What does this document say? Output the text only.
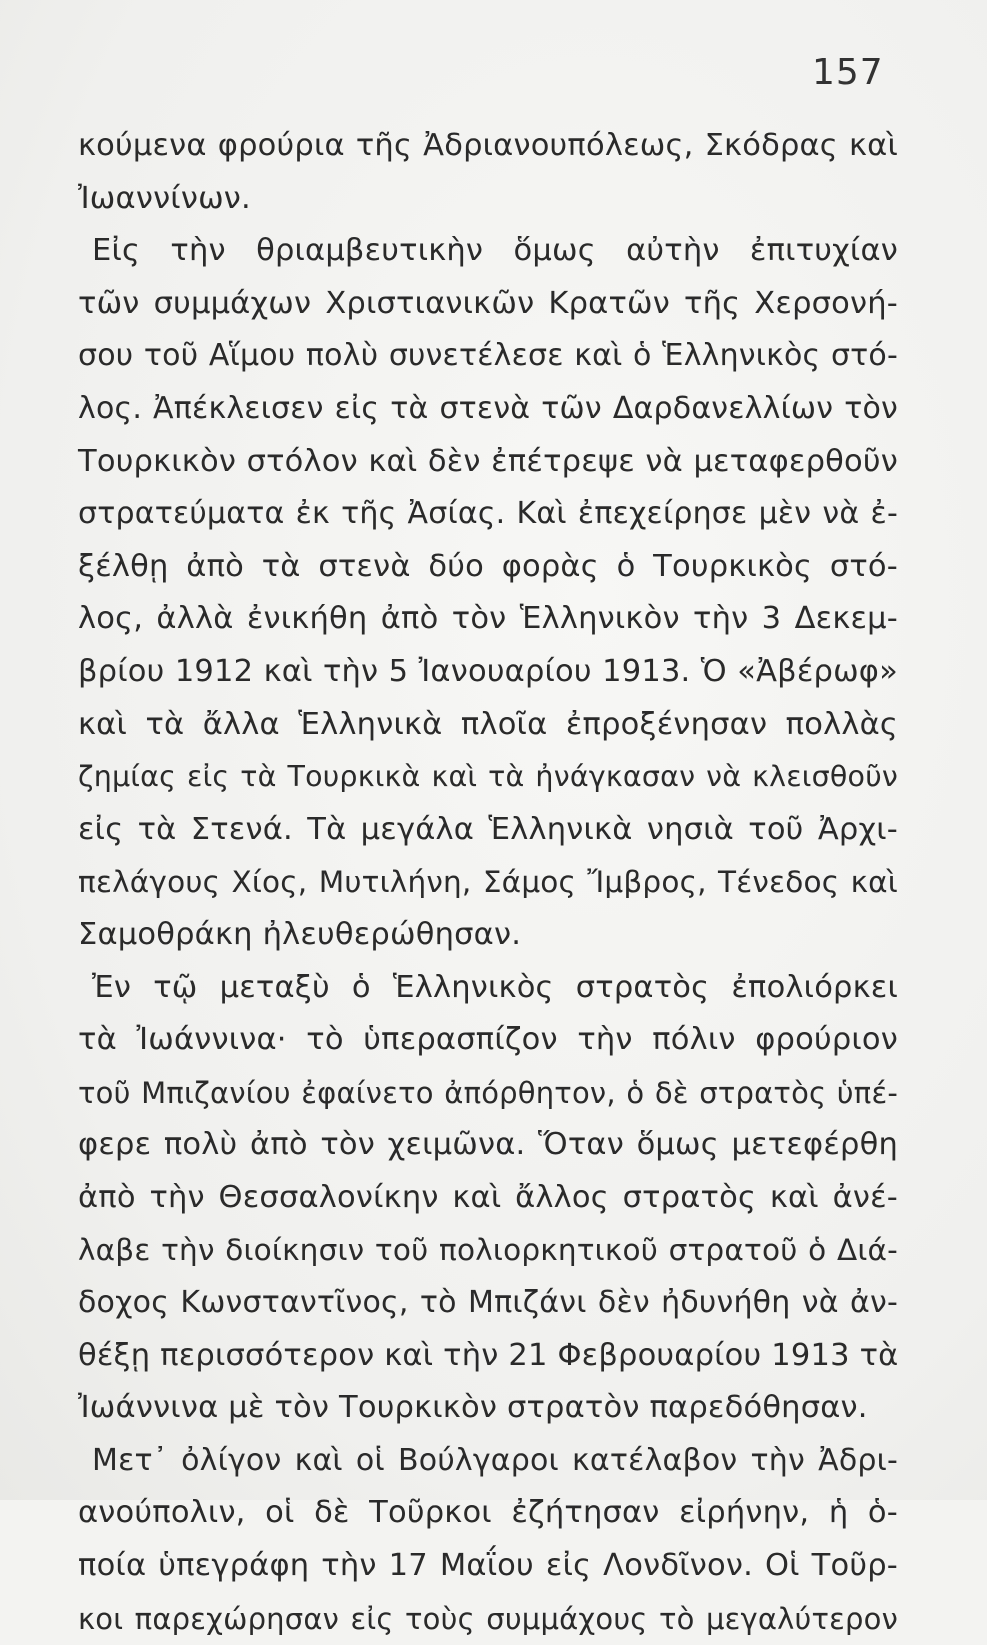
157
κούμενα φρούρια τῆς Ἀδριανουπόλεως, Σκόδρας καὶ
Ἰωαννίνων.
Εἰς τὴν θριαμβευτικὴν ὅμως αὐτὴν ἐπιτυχίαν
τῶν συμμάχων Χριστιανικῶν Κρατῶν τῆς Χερσονή-
σου τοῦ Αἵμου πολὺ συνετέλεσε καὶ ὁ Ἑλληνικὸς στό-
λος. Ἀπέκλεισεν εἰς τὰ στενὰ τῶν Δαρδανελλίων τὸν
Τουρκικὸν στόλον καὶ δὲν ἐπέτρεψε νὰ μεταφερθοῦν
στρατεύματα ἐκ τῆς Ἀσίας. Καὶ ἐπεχείρησε μὲν νὰ ἐ-
ξέλθῃ ἀπὸ τὰ στενὰ δύο φορὰς ὁ Τουρκικὸς στό-
λος, ἀλλὰ ἐνικήθη ἀπὸ τὸν Ἑλληνικὸν τὴν 3 Δεκεμ-
βρίου 1912 καὶ τὴν 5 Ἰανουαρίου 1913. Ὁ «Ἀβέρωφ»
καὶ τὰ ἄλλα Ἑλληνικὰ πλοῖα ἐπροξένησαν πολλὰς
ζημίας εἰς τὰ Τουρκικὰ καὶ τὰ ἠνάγκασαν νὰ κλεισθοῦν
εἰς τὰ Στενά. Τὰ μεγάλα Ἑλληνικὰ νησιὰ τοῦ Ἀρχι-
πελάγους Χίος, Μυτιλήνη, Σάμος Ἴμβρος, Τένεδος καὶ
Σαμοθράκη ἠλευθερώθησαν.
Ἐν τῷ μεταξὺ ὁ Ἑλληνικὸς στρατὸς ἐπολιόρκει
τὰ Ἰωάννινα· τὸ ὑπερασπίζον τὴν πόλιν φρούριον
τοῦ Μπιζανίου ἐφαίνετο ἀπόρθητον, ὁ δὲ στρατὸς ὑπέ-
φερε πολὺ ἀπὸ τὸν χειμῶνα. Ὅταν ὅμως μετεφέρθη
ἀπὸ τὴν Θεσσαλονίκην καὶ ἄλλος στρατὸς καὶ ἀνέ-
λαβε τὴν διοίκησιν τοῦ πολιορκητικοῦ στρατοῦ ὁ Διά-
δοχος Κωνσταντῖνος, τὸ Μπιζάνι δὲν ἠδυνήθη νὰ ἀν-
θέξῃ περισσότερον καὶ τὴν 21 Φεβρουαρίου 1913 τὰ
Ἰωάννινα μὲ τὸν Τουρκικὸν στρατὸν παρεδόθησαν.
Μετ᾽ ὀλίγον καὶ οἱ Βούλγαροι κατέλαβον τὴν Ἀδρι-
ανούπολιν, οἱ δὲ Τοῦρκοι ἐζήτησαν εἰρήνην, ἡ ὁ-
ποία ὑπεγράφη τὴν 17 Μαΐου εἰς Λονδῖνον. Οἱ Τοῦρ-
κοι παρεχώρησαν εἰς τοὺς συμμάχους τὸ μεγαλύτερον
